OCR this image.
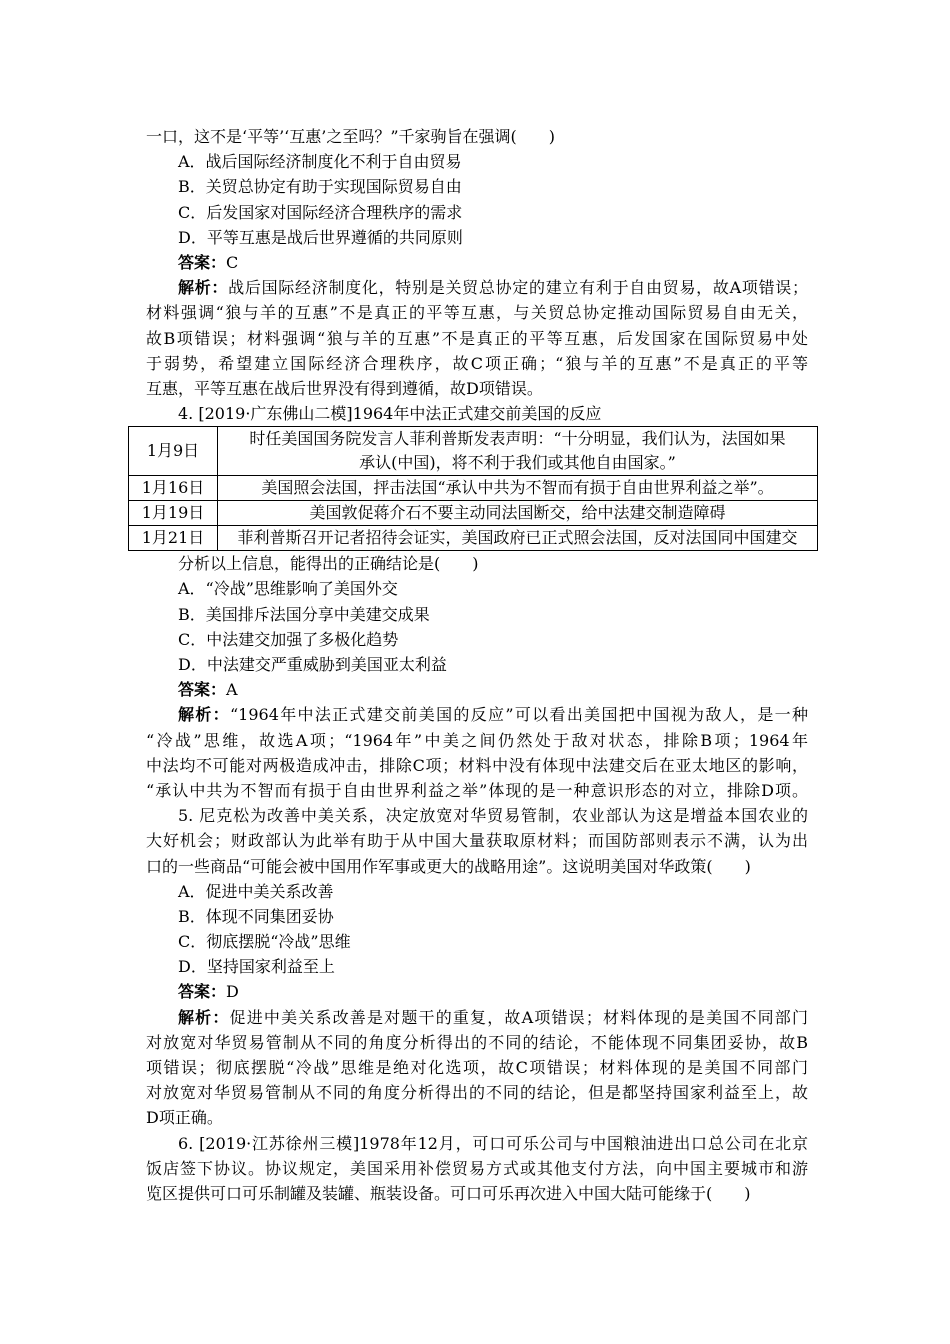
一口，这不是‘平等’‘互惠’之至吗？”千家驹旨在强调(　　)
A．战后国际经济制度化不利于自由贸易
B．关贸总协定有助于实现国际贸易自由
C．后发国家对国际经济合理秩序的需求
D．平等互惠是战后世界遵循的共同原则
答案：C
解析：战后国际经济制度化，特别是关贸总协定的建立有利于自由贸易，故A项错误；
材料强调“狼与羊的互惠”不是真正的平等互惠，与关贸总协定推动国际贸易自由无关，
故B项错误；材料强调“狼与羊的互惠”不是真正的平等互惠，后发国家在国际贸易中处
于弱势，希望建立国际经济合理秩序，故C项正确；“狼与羊的互惠”不是真正的平等
互惠，平等互惠在战后世界没有得到遵循，故D项错误。
4. [2019·广东佛山二模]1964年中法正式建交前美国的反应
1月9日	时任美国国务院发言人菲利普斯发表声明：“十分明显，我们认为，法国如果
承认(中国)，将不利于我们或其他自由国家。”

1月16日	美国照会法国，抨击法国“承认中共为不智而有损于自由世界利益之举”。
1月19日	美国敦促蒋介石不要主动同法国断交，给中法建交制造障碍
1月21日	菲利普斯召开记者招待会证实，美国政府已正式照会法国，反对法国同中国建交
分析以上信息，能得出的正确结论是(　　)
A．“冷战”思维影响了美国外交
B．美国排斥法国分享中美建交成果
C．中法建交加强了多极化趋势
D．中法建交严重威胁到美国亚太利益
答案：A
解析：“1964年中法正式建交前美国的反应”可以看出美国把中国视为敌人，是一种
“冷战”思维，故选A项；“1964年”中美之间仍然处于敌对状态，排除B项；1964年
中法均不可能对两极造成冲击，排除C项；材料中没有体现中法建交后在亚太地区的影响，
“承认中共为不智而有损于自由世界利益之举”体现的是一种意识形态的对立，排除D项。
5. 尼克松为改善中美关系，决定放宽对华贸易管制，农业部认为这是增益本国农业的
大好机会；财政部认为此举有助于从中国大量获取原材料；而国防部则表示不满，认为出
口的一些商品“可能会被中国用作军事或更大的战略用途”。这说明美国对华政策(　　)
A．促进中美关系改善
B．体现不同集团妥协
C．彻底摆脱“冷战”思维
D．坚持国家利益至上
答案：D
解析：促进中美关系改善是对题干的重复，故A项错误；材料体现的是美国不同部门
对放宽对华贸易管制从不同的角度分析得出的不同的结论，不能体现不同集团妥协，故B
项错误；彻底摆脱“冷战”思维是绝对化选项，故C项错误；材料体现的是美国不同部门
对放宽对华贸易管制从不同的角度分析得出的不同的结论，但是都坚持国家利益至上，故
D项正确。
6. [2019·江苏徐州三模]1978年12月，可口可乐公司与中国粮油进出口总公司在北京
饭店签下协议。协议规定，美国采用补偿贸易方式或其他支付方法，向中国主要城市和游
览区提供可口可乐制罐及装罐、瓶装设备。可口可乐再次进入中国大陆可能缘于(　　)
